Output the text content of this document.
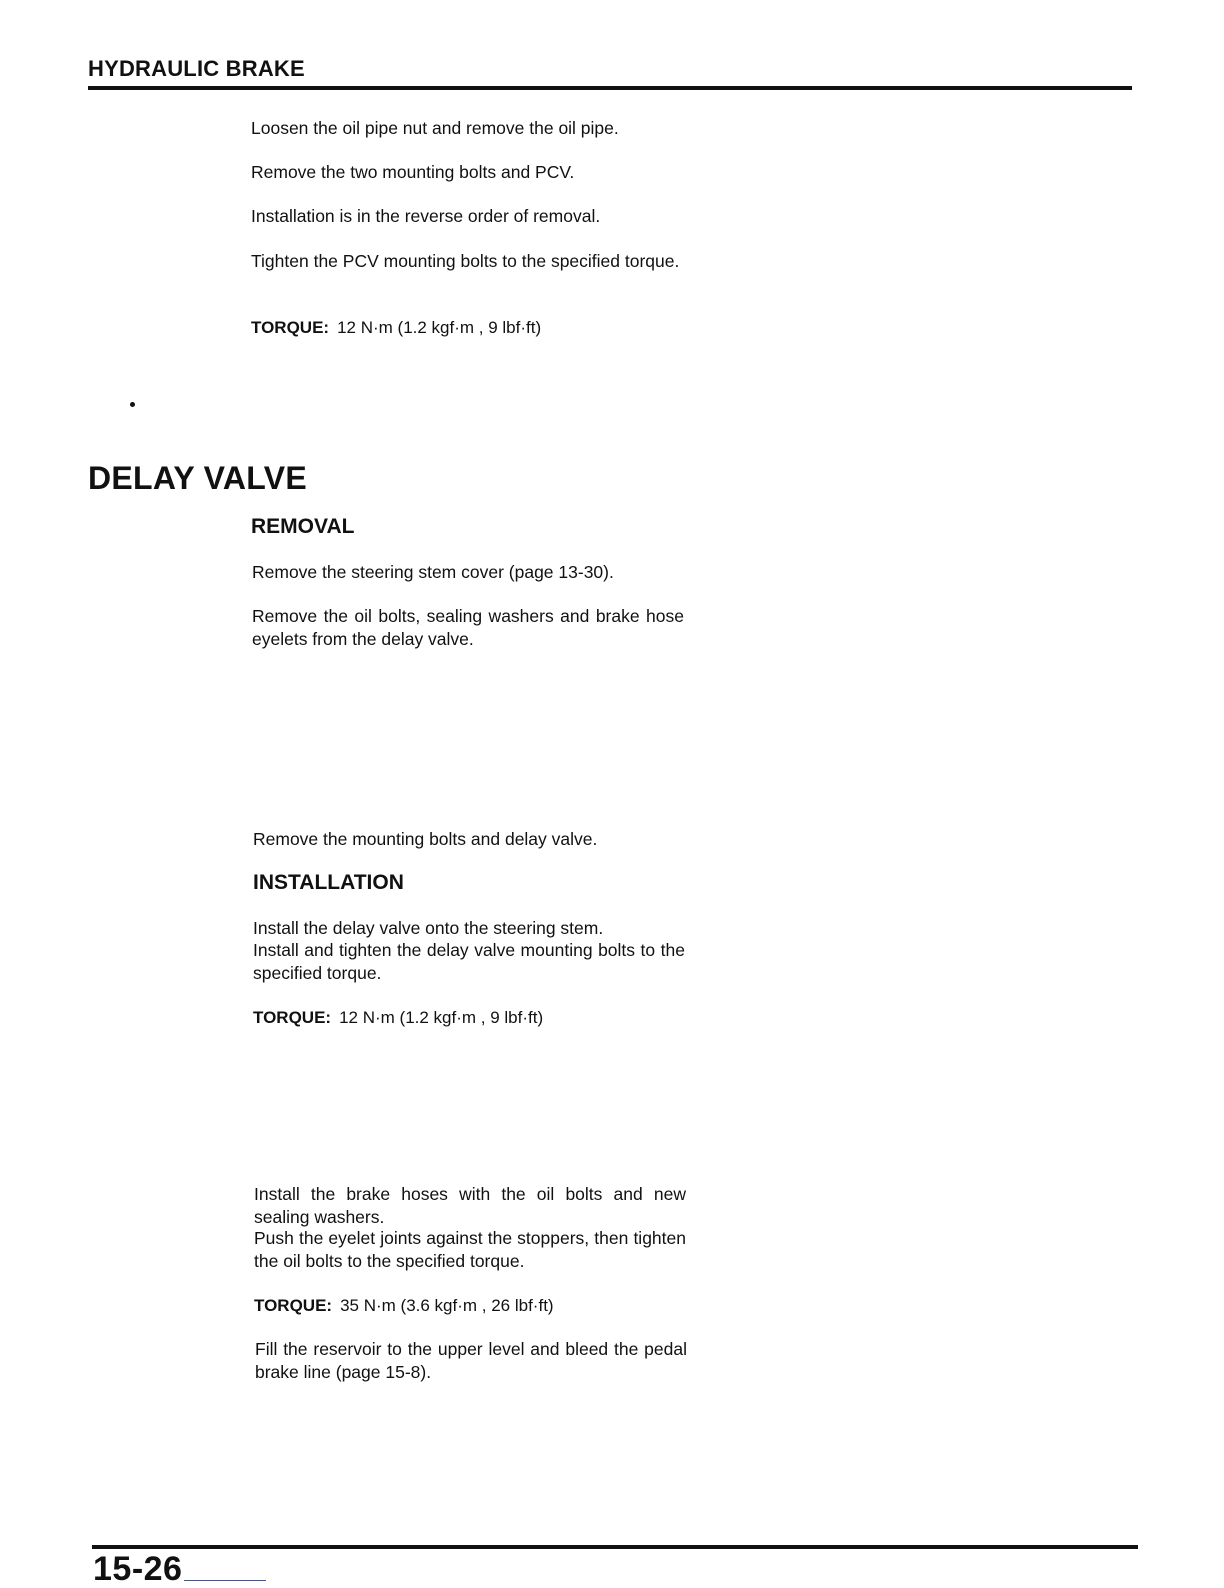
HYDRAULIC BRAKE
Loosen the oil pipe nut and remove the oil pipe.
Remove the two mounting bolts and PCV.
Installation is in the reverse order of removal.
Tighten the PCV mounting bolts to the specified torque.
TORQUE: 12 N·m (1.2 kgf·m , 9 lbf·ft)
DELAY VALVE
REMOVAL
Remove the steering stem cover (page 13-30).
Remove the oil bolts, sealing washers and brake hose eyelets from the delay valve.
Remove the mounting bolts and delay valve.
INSTALLATION
Install the delay valve onto the steering stem.
Install and tighten the delay valve mounting bolts to the specified torque.
TORQUE: 12 N·m (1.2 kgf·m , 9 lbf·ft)
Install the brake hoses with the oil bolts and new sealing washers.
Push the eyelet joints against the stoppers, then tighten the oil bolts to the specified torque.
TORQUE: 35 N·m (3.6 kgf·m , 26 lbf·ft)
Fill the reservoir to the upper level and bleed the pedal brake line (page 15-8).
15-26
